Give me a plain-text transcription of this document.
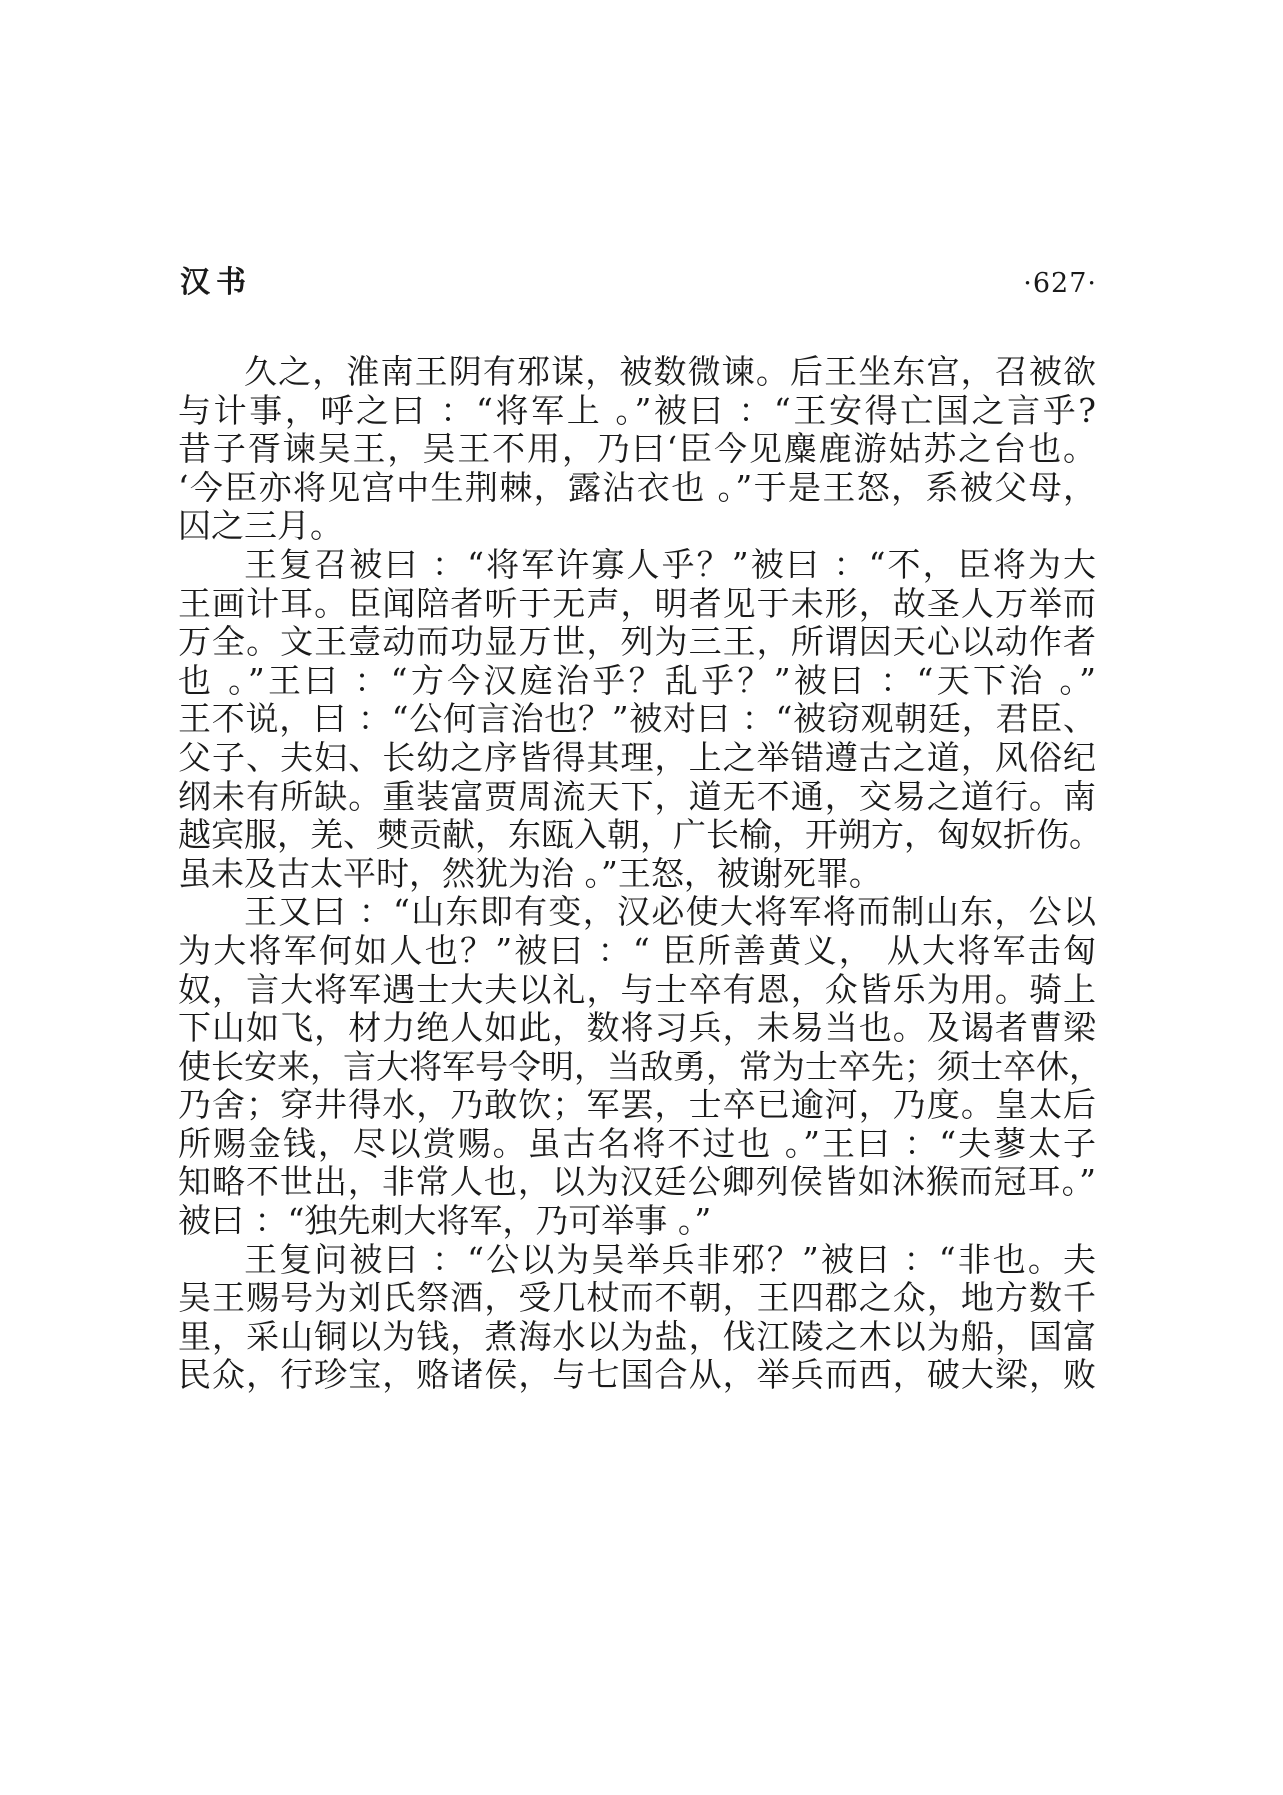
汉书	·627·
久之，淮南王阴有邪谋，被数微谏。后王坐东宫，召被欲
与计事，呼之曰 ：“将军上 。”被曰 ：“王安得亡国之言乎?
昔子胥谏吴王，吴王不用，乃曰‘臣今见麋鹿游姑苏之台也。
‘今臣亦将见宫中生荆棘，露沾衣也 。”于是王怒，系被父母，
囚之三月。
王复召被曰 ：“将军许寡人乎？”被曰 ：“不，臣将为大
王画计耳。臣闻陪者听于无声，明者见于未形，故圣人万举而
万全。文王壹动而功显万世，列为三王，所谓因天心以动作者
也 。”王曰 ：“方今汉庭治乎？乱乎？”被曰 ：“天下治 。”
王不说，曰 ：“公何言治也？”被对曰 ：“被窃观朝廷，君臣、
父子、夫妇、长幼之序皆得其理，上之举错遵古之道，风俗纪
纲未有所缺。重装富贾周流天下，道无不通，交易之道行。南
越宾服，羌、僰贡献，东瓯入朝，广长榆，开朔方，匈奴折伤。
虽未及古太平时，然犹为治 。”王怒，被谢死罪。
王又曰 ：“山东即有变，汉必使大将军将而制山东，公以
为大将军何如人也？”被曰 ：“ 臣所善黄义， 从大将军击匈
奴，言大将军遇士大夫以礼，与士卒有恩，众皆乐为用。骑上
下山如飞，材力绝人如此，数将习兵，未易当也。及谒者曹梁
使长安来，言大将军号令明，当敌勇，常为士卒先；须士卒休，
乃舍；穿井得水，乃敢饮；军罢，士卒已逾河，乃度。皇太后
所赐金钱，尽以赏赐。虽古名将不过也 。”王曰 ：“夫蓼太子
知略不世出，非常人也，以为汉廷公卿列侯皆如沐猴而冠耳。”
被曰 ：“独先刺大将军，乃可举事 。”
王复问被曰 ：“公以为吴举兵非邪？”被曰 ：“非也。夫
吴王赐号为刘氏祭酒，受几杖而不朝，王四郡之众，地方数千
里，采山铜以为钱，煮海水以为盐，伐江陵之木以为船，国富
民众，行珍宝，赂诸侯，与七国合从，举兵而西，破大梁，败
